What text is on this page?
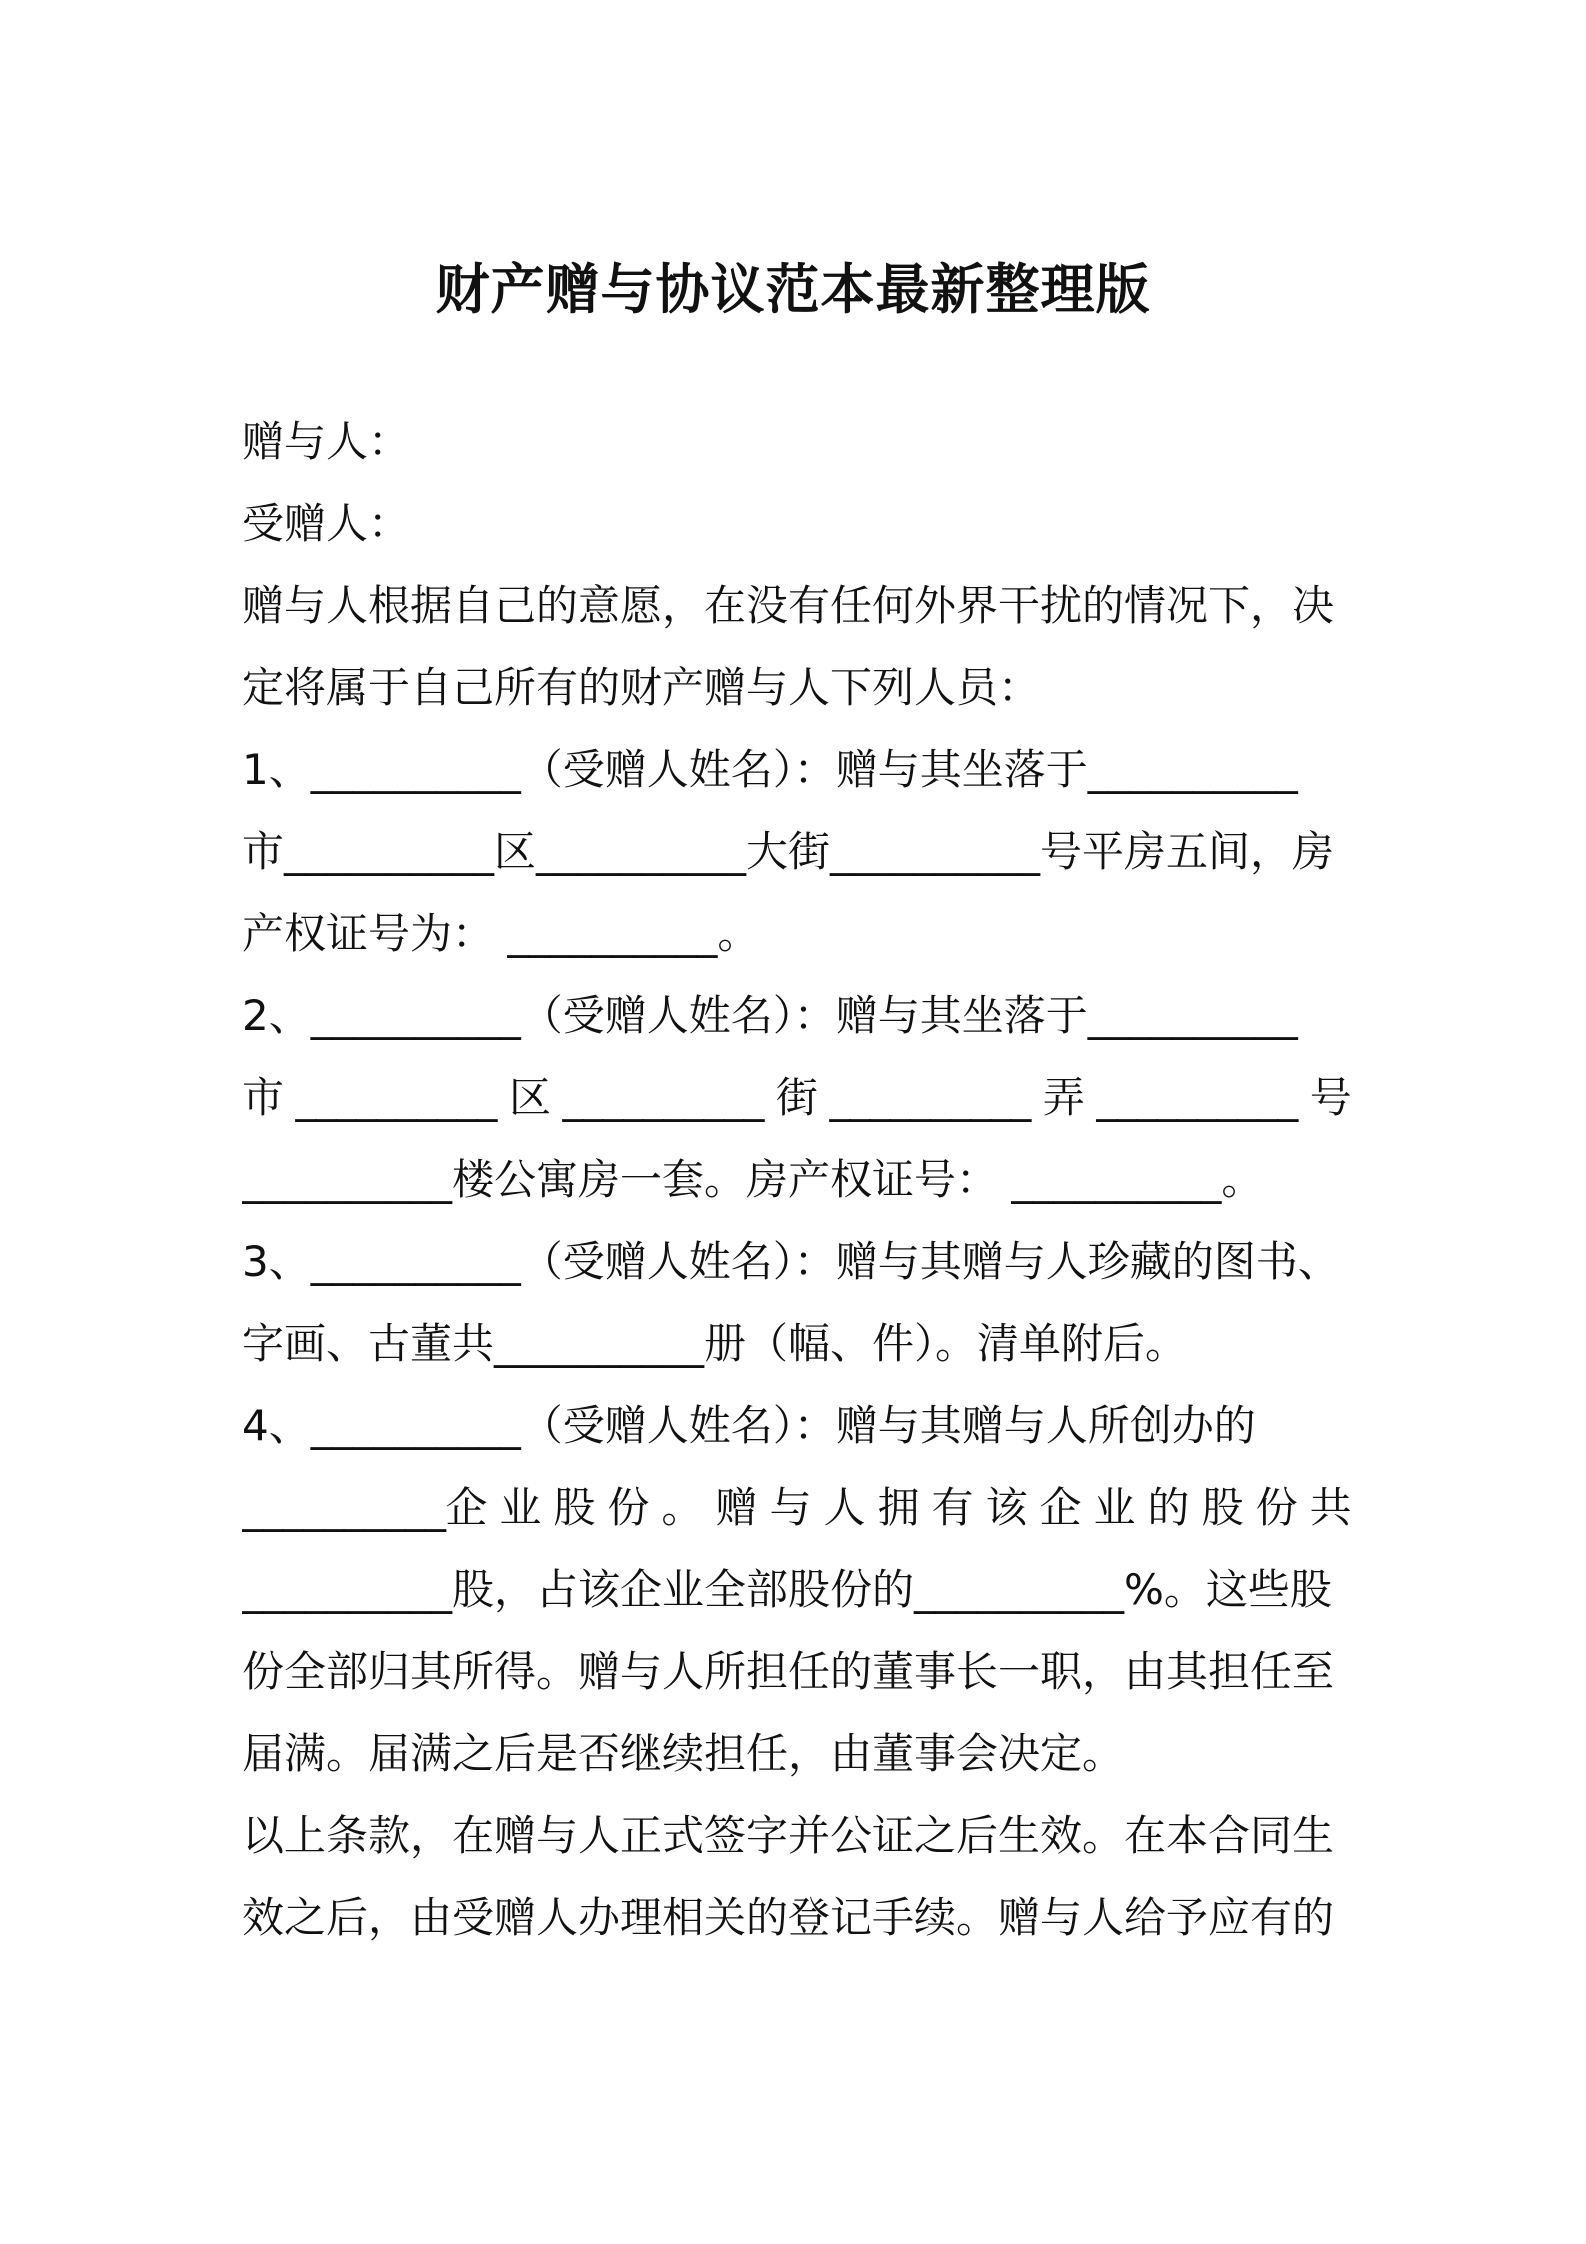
财产赠与协议范本最新整理版
赠与人：
受赠人：
赠与人根据自己的意愿，在没有任何外界干扰的情况下，决
定将属于自己所有的财产赠与人下列人员：
1、__________（受赠人姓名）：赠与其坐落于__________
市__________区__________大街__________号平房五间，房
产权证号为： __________。
2、__________（受赠人姓名）：赠与其坐落于__________
市 __________ 区 __________ 街 __________ 弄 __________ 号
__________楼公寓房一套。房产权证号： __________。
3、__________（受赠人姓名）：赠与其赠与人珍藏的图书、
字画、古董共__________册（幅、件）。清单附后。
4、__________（受赠人姓名）：赠与其赠与人所创办的
__________企 业 股 份 。 赠 与 人 拥 有 该 企 业 的 股 份 共
__________股，占该企业全部股份的__________%。这些股
份全部归其所得。赠与人所担任的董事长一职，由其担任至
届满。届满之后是否继续担任，由董事会决定。
以上条款，在赠与人正式签字并公证之后生效。在本合同生
效之后，由受赠人办理相关的登记手续。赠与人给予应有的
